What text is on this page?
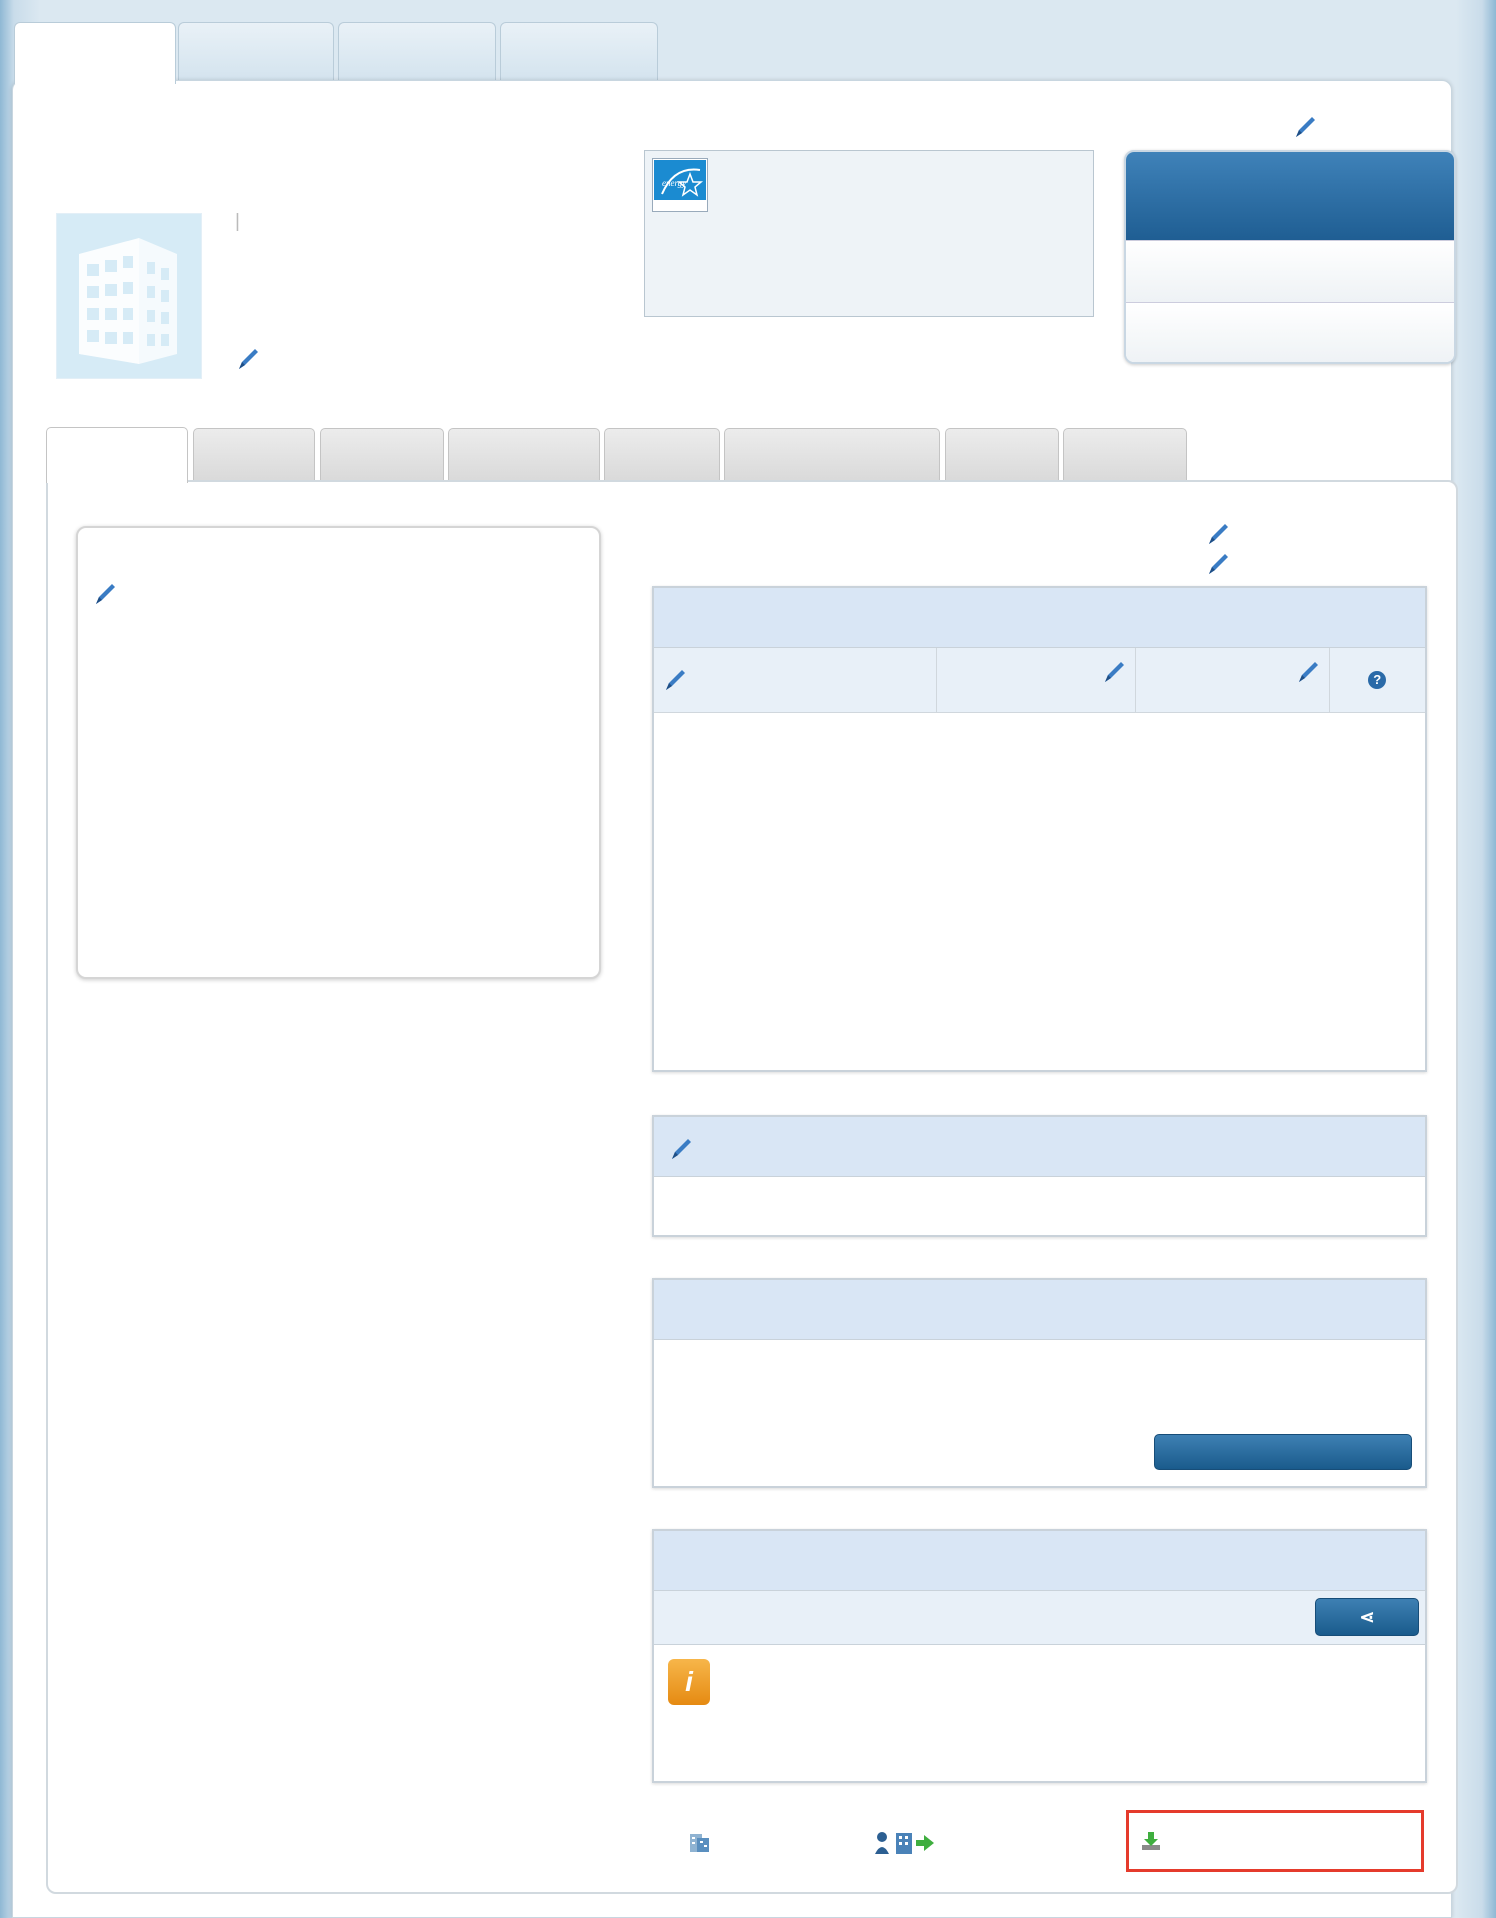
|
energy

?
⋖
i
